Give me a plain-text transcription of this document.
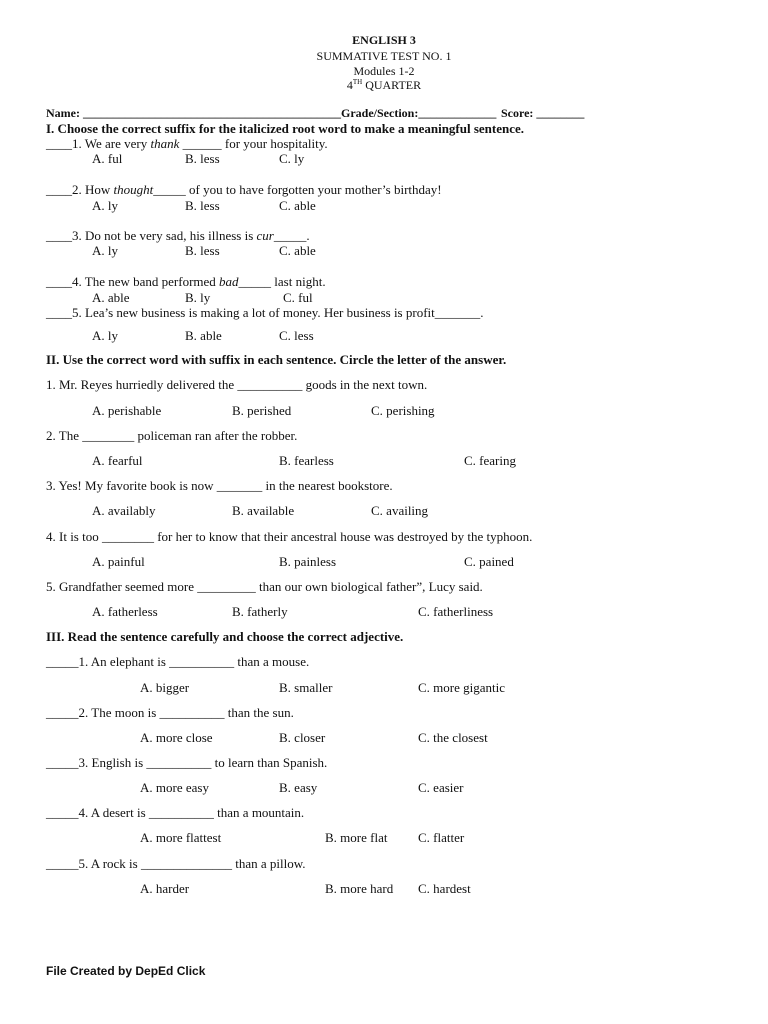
ENGLISH 3
SUMMATIVE TEST NO. 1
Modules 1-2
4TH QUARTER
Name: ___________________________________________ Grade/Section:_____________ Score: ________
I. Choose the correct suffix for the italicized root word to make a meaningful sentence.
____1. We are very thank ______ for your hospitality.
A. ful	B. less	C. ly
____2. How thought_____ of you to have forgotten your mother’s birthday!
A. ly	B. less	C. able
____3. Do not be very sad, his illness is cur_____.
A. ly	B. less	C. able
____4. The new band performed bad_____ last night.
A. able	B. ly	C. ful
____5. Lea’s new business is making a lot of money. Her business is profit_______.
A. ly	B. able	C. less
II. Use the correct word with suffix in each sentence. Circle the letter of the answer.
1. Mr. Reyes hurriedly delivered the __________ goods in the next town.
A. perishable	B. perished	C. perishing
2. The ________ policeman ran after the robber.
A. fearful	B. fearless	C. fearing
3. Yes! My favorite book is now _______ in the nearest bookstore.
A. availably	B. available	C. availing
4. It is too ________ for her to know that their ancestral house was destroyed by the typhoon.
A. painful	B. painless	C. pained
5. Grandfather seemed more _________ than our own biological father”, Lucy said.
A. fatherless	B. fatherly	C. fatherliness
III. Read the sentence carefully and choose the correct adjective.
_____1. An elephant is __________ than a mouse.
A. bigger	B. smaller	C. more gigantic
_____2. The moon is __________ than the sun.
A. more close	B. closer	C. the closest
_____3. English is __________ to learn than Spanish.
A. more easy	B. easy	C. easier
_____4. A desert is __________ than a mountain.
A. more flattest	B. more flat C. flatter
_____5. A rock is ______________ than a pillow.
A. harder	B. more hard C. hardest
File Created by DepEd Click
